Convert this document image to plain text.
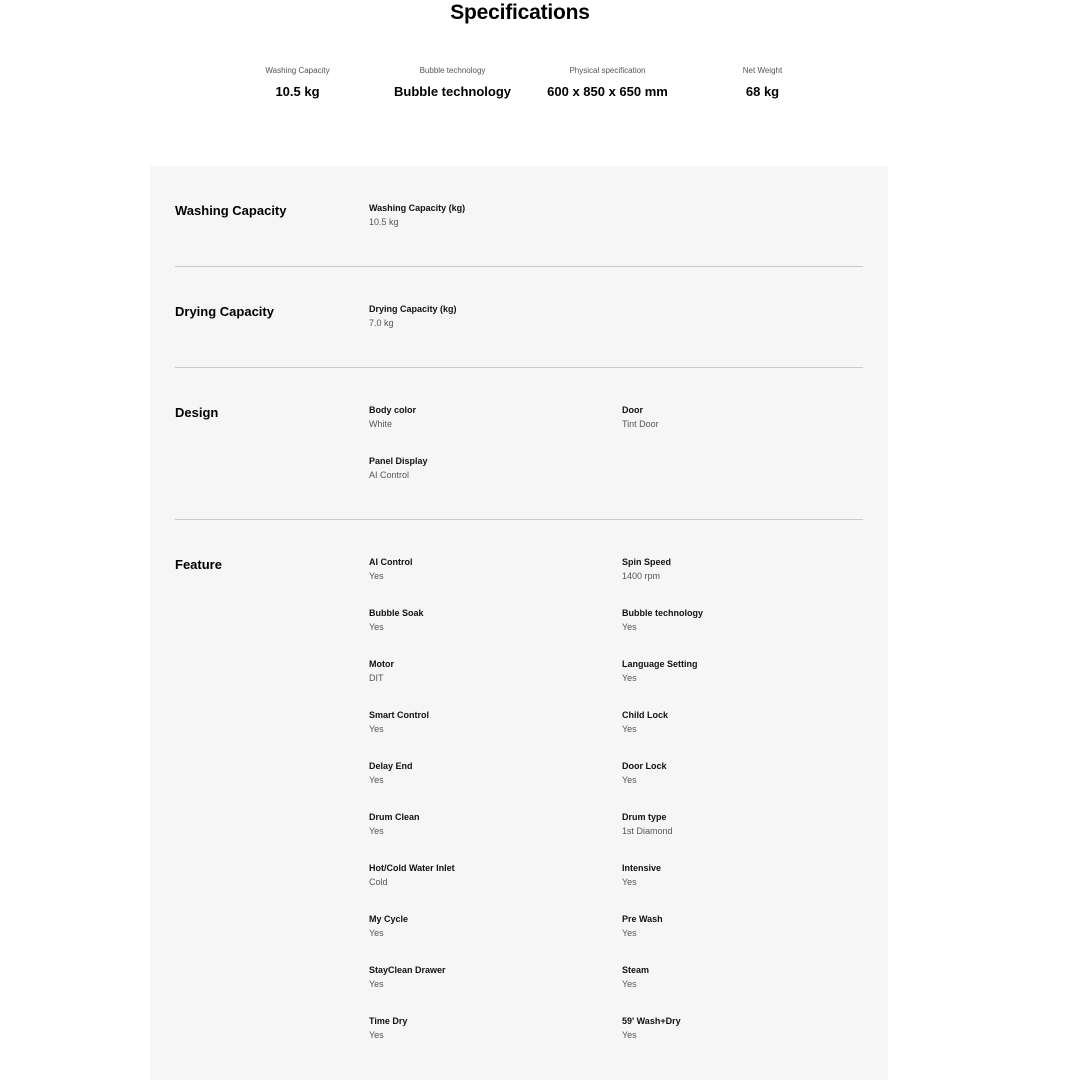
Specifications
Washing Capacity
10.5 kg
Bubble technology
Bubble technology
Physical specification
600 x 850 x 650 mm
Net Weight
68 kg
Washing Capacity	Washing Capacity (kg)
10.5 kg
Drying Capacity	Drying Capacity (kg)
7.0 kg
Design	Body color
White
Door
Tint Door
Panel Display
AI Control
Feature	AI Control
Yes
Spin Speed
1400 rpm
Bubble Soak
Yes
Bubble technology
Yes
Motor
DIT
Language Setting
Yes
Smart Control
Yes
Child Lock
Yes
Delay End
Yes
Door Lock
Yes
Drum Clean
Yes
Drum type
1st Diamond
Hot/Cold Water Inlet
Cold
Intensive
Yes
My Cycle
Yes
Pre Wash
Yes
StayClean Drawer
Yes
Steam
Yes
Time Dry
Yes
59' Wash+Dry
Yes
